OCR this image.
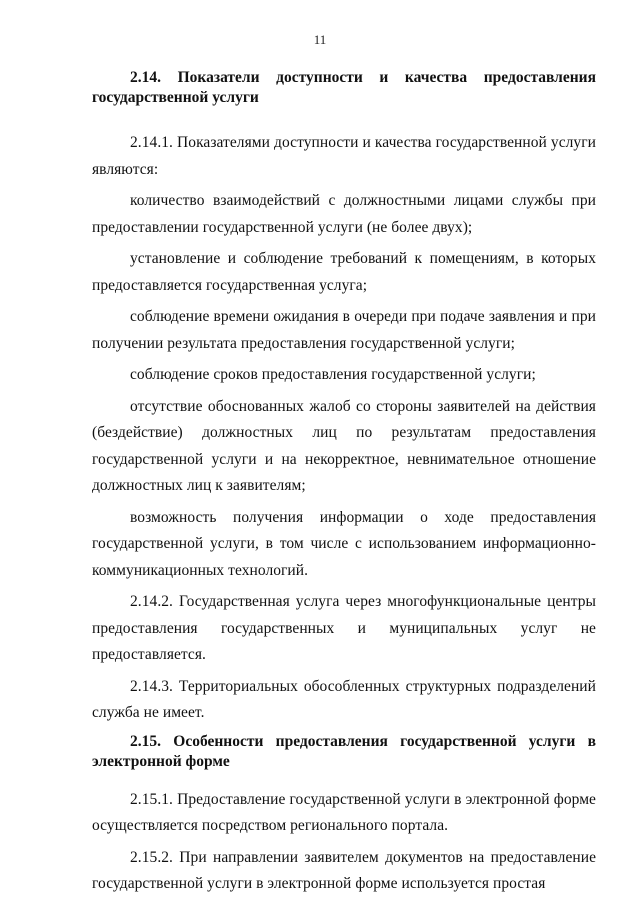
11

2.14. Показатели доступности и качества предоставления государственной услуги

2.14.1. Показателями доступности и качества государственной услуги являются:

количество взаимодействий с должностными лицами службы при предоставлении государственной услуги (не более двух);

установление и соблюдение требований к помещениям, в которых предоставляется государственная услуга;

соблюдение времени ожидания в очереди при подаче заявления и при получении результата предоставления государственной услуги;

соблюдение сроков предоставления государственной услуги;

отсутствие обоснованных жалоб со стороны заявителей на действия (бездействие) должностных лиц по результатам предоставления государственной услуги и на некорректное, невнимательное отношение должностных лиц к заявителям;

возможность получения информации о ходе предоставления государственной услуги, в том числе с использованием информационно-коммуникационных технологий.

2.14.2. Государственная услуга через многофункциональные центры предоставления государственных и муниципальных услуг не предоставляется.

2.14.3. Территориальных обособленных структурных подразделений служба не имеет.

2.15. Особенности предоставления государственной услуги в электронной форме

2.15.1. Предоставление государственной услуги в электронной форме осуществляется посредством регионального портала.

2.15.2. При направлении заявителем документов на предоставление государственной услуги в электронной форме используется простая
